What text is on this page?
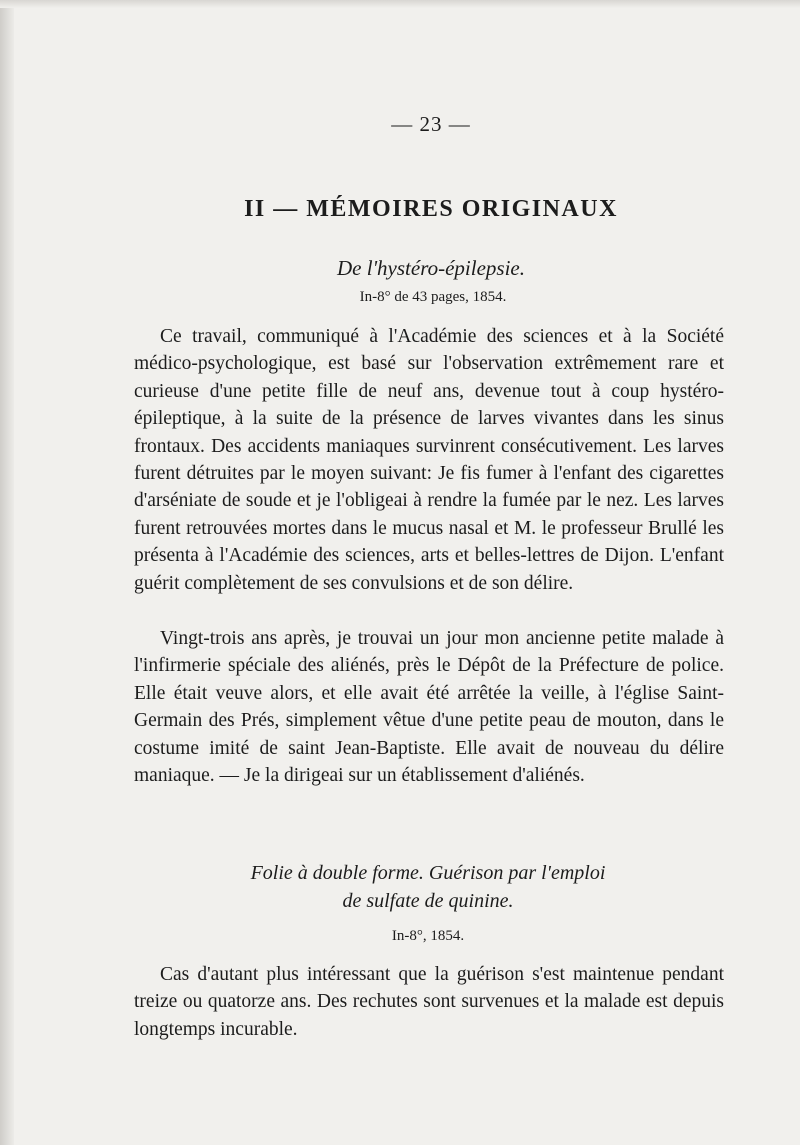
— 23 —
II — MÉMOIRES ORIGINAUX
De l'hystéro-épilepsie.
In-8° de 43 pages, 1854.

Ce travail, communiqué à l'Académie des sciences et à la Société médico-psychologique, est basé sur l'observation extrêmement rare et curieuse d'une petite fille de neuf ans, devenue tout à coup hystéro-épileptique, à la suite de la présence de larves vivantes dans les sinus frontaux. Des accidents maniaques survinrent consécutivement. Les larves furent détruites par le moyen suivant: Je fis fumer à l'enfant des cigarettes d'arséniate de soude et je l'obligeai à rendre la fumée par le nez. Les larves furent retrouvées mortes dans le mucus nasal et M. le professeur Brullé les présenta à l'Académie des sciences, arts et belles-lettres de Dijon. L'enfant guérit complètement de ses convulsions et de son délire.

Vingt-trois ans après, je trouvai un jour mon ancienne petite malade à l'infirmerie spéciale des aliénés, près le Dépôt de la Préfecture de police. Elle était veuve alors, et elle avait été arrêtée la veille, à l'église Saint-Germain des Prés, simplement vêtue d'une petite peau de mouton, dans le costume imité de saint Jean-Baptiste. Elle avait de nouveau du délire maniaque. — Je la dirigeai sur un établissement d'aliénés.

Folie à double forme. Guérison par l'emploi
de sulfate de quinine.
In-8°, 1854.

Cas d'autant plus intéressant que la guérison s'est maintenue pendant treize ou quatorze ans. Des rechutes sont survenues et la malade est depuis longtemps incurable.
